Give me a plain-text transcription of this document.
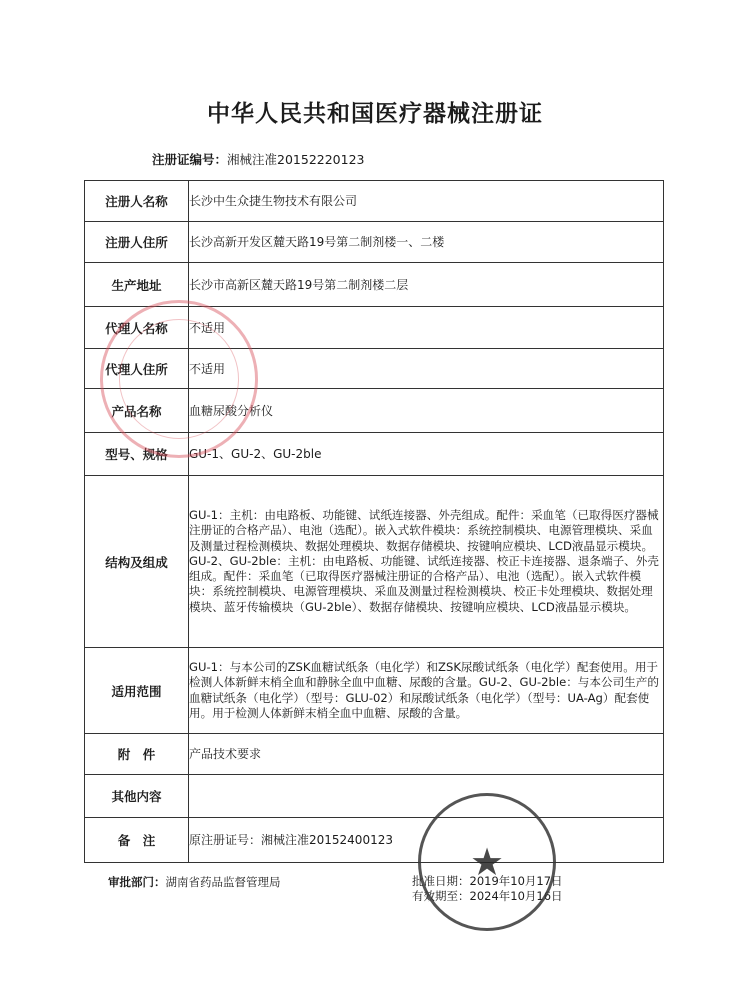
中华人民共和国医疗器械注册证
注册证编号：湘械注准20152220123
注册人名称	长沙中生众捷生物技术有限公司
注册人住所	长沙高新开发区麓天路19号第二制剂楼一、二楼
生产地址	长沙市高新区麓天路19号第二制剂楼二层
代理人名称	不适用
代理人住所	不适用
产品名称	血糖尿酸分析仪
型号、规格	GU-1、GU-2、GU-2ble
结构及组成	GU-1：主机：由电路板、功能键、试纸连接器、外壳组成。配件：采血笔（已取得医疗器械注册证的合格产品）、电池（选配）。嵌入式软件模块：系统控制模块、电源管理模块、采血及测量过程检测模块、数据处理模块、数据存储模块、按键响应模块、LCD液晶显示模块。GU-2、GU-2ble：主机：由电路板、功能键、试纸连接器、校正卡连接器、退条端子、外壳组成。配件：采血笔（已取得医疗器械注册证的合格产品）、电池（选配）。嵌入式软件模块：系统控制模块、电源管理模块、采血及测量过程检测模块、校正卡处理模块、数据处理模块、蓝牙传输模块（GU-2ble）、数据存储模块、按键响应模块、LCD液晶显示模块。
适用范围	GU-1：与本公司的ZSK血糖试纸条（电化学）和ZSK尿酸试纸条（电化学）配套使用。用于检测人体新鲜末梢全血和静脉全血中血糖、尿酸的含量。GU-2、GU-2ble：与本公司生产的血糖试纸条（电化学）（型号：GLU-02）和尿酸试纸条（电化学）（型号：UA-Ag）配套使用。用于检测人体新鲜末梢全血中血糖、尿酸的含量。
附　件	产品技术要求
其他内容	
备　注	原注册证号：湘械注准20152400123
审批部门：湖南省药品监督管理局	批准日期：2019年10月17日
有效期至：2024年10月16日
★
